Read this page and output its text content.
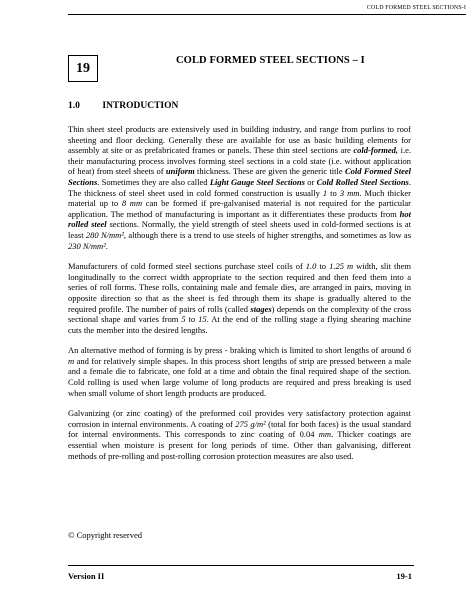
COLD FORMED STEEL SECTIONS-I
19	COLD FORMED STEEL SECTIONS – I
1.0 INTRODUCTION

Thin sheet steel products are extensively used in building industry, and range from purlins to roof sheeting and floor decking. Generally these are available for use as basic building elements for assembly at site or as prefabricated frames or panels. These thin steel sections are cold-formed, i.e. their manufacturing process involves forming steel sections in a cold state (i.e. without application of heat) from steel sheets of uniform thickness. These are given the generic title Cold Formed Steel Sections. Sometimes they are also called Light Gauge Steel Sections or Cold Rolled Steel Sections. The thickness of steel sheet used in cold formed construction is usually 1 to 3 mm. Much thicker material up to 8 mm can be formed if pre-galvanised material is not required for the particular application. The method of manufacturing is important as it differentiates these products from hot rolled steel sections. Normally, the yield strength of steel sheets used in cold-formed sections is at least 280 N/mm², although there is a trend to use steels of higher strengths, and sometimes as low as 230 N/mm².

Manufacturers of cold formed steel sections purchase steel coils of 1.0 to 1.25 m width, slit them longitudinally to the correct width appropriate to the section required and then feed them into a series of roll forms. These rolls, containing male and female dies, are arranged in pairs, moving in opposite direction so that as the sheet is fed through them its shape is gradually altered to the required profile. The number of pairs of rolls (called stages) depends on the complexity of the cross sectional shape and varies from 5 to 15. At the end of the rolling stage a flying shearing machine cuts the member into the desired lengths.

An alternative method of forming is by press - braking which is limited to short lengths of around 6 m and for relatively simple shapes. In this process short lengths of strip are pressed between a male and a female die to fabricate, one fold at a time and obtain the final required shape of the section. Cold rolling is used when large volume of long products are required and press breaking is used when small volume of short length products are produced.

Galvanizing (or zinc coating) of the preformed coil provides very satisfactory protection against corrosion in internal environments. A coating of 275 g/m² (total for both faces) is the usual standard for internal environments. This corresponds to zinc coating of 0.04 mm. Thicker coatings are essential when moisture is present for long periods of time. Other than galvanising, different methods of pre-rolling and post-rolling corrosion protection measures are also used.

© Copyright reserved
Version II	19-1
